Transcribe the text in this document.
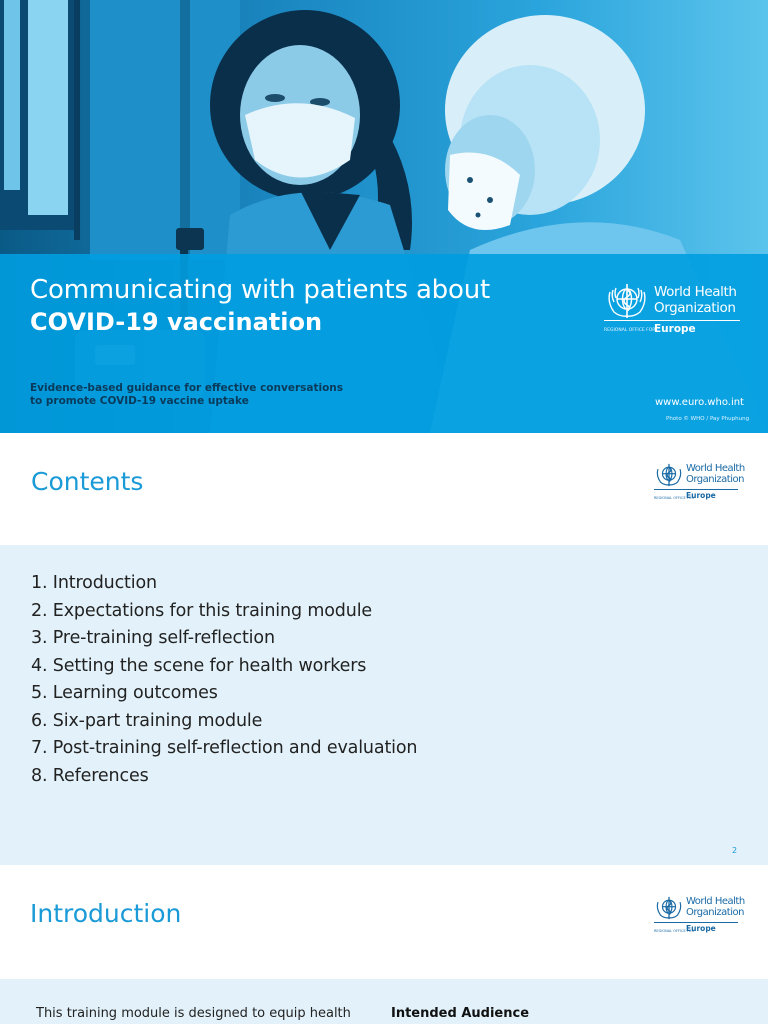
Communicating with patients about
COVID-19 vaccination
Evidence-based guidance for effective conversations
to promote COVID-19 vaccine uptake	www.euro.who.int
Photo © WHO / Pay Phuphung
World Health
Organization
REGIONAL OFFICE FOR
Europe
Contents	World Health
Organization
REGIONAL OFFICE FOR
Europe
1. Introduction
2. Expectations for this training module
3. Pre-training self-reflection
4. Setting the scene for health workers
5. Learning outcomes
6. Six-part training module
7. Post-training self-reflection and evaluation
8. References
2
Introduction	World Health
Organization
REGIONAL OFFICE FOR
Europe
This training module is designed to equip health	Intended Audience
